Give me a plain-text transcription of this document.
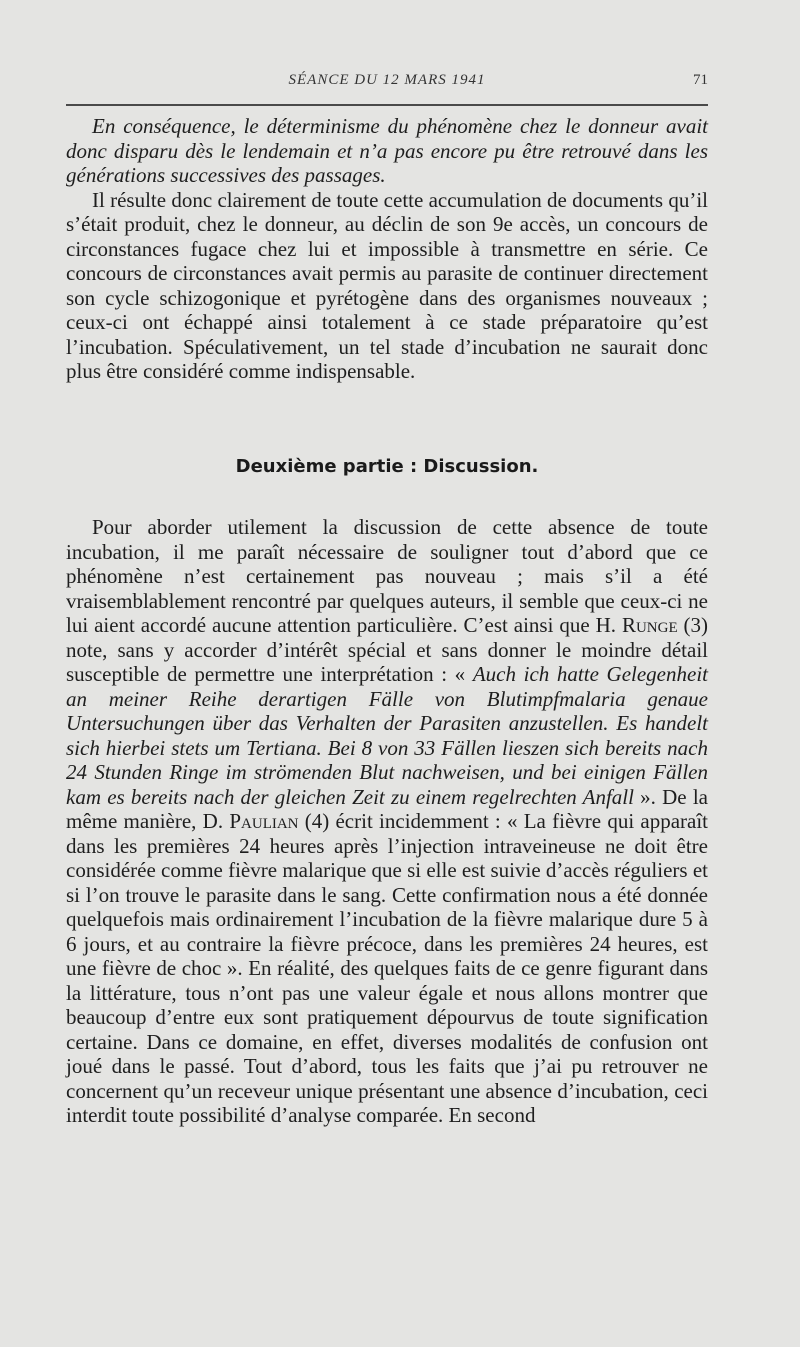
SÉANCE DU 12 MARS 1941	71

En conséquence, le déterminisme du phénomène chez le donneur avait donc disparu dès le lendemain et n’a pas encore pu être retrouvé dans les générations successives des passages.

Il résulte donc clairement de toute cette accumulation de documents qu’il s’était produit, chez le donneur, au déclin de son 9e accès, un concours de circonstances fugace chez lui et impossible à transmettre en série. Ce concours de circonstances avait permis au parasite de continuer directement son cycle schizogonique et pyrétogène dans des organismes nouveaux ; ceux-ci ont échappé ainsi totalement à ce stade préparatoire qu’est l’incubation. Spéculativement, un tel stade d’incubation ne saurait donc plus être considéré comme indispensable.

Deuxième partie : Discussion.

Pour aborder utilement la discussion de cette absence de toute incubation, il me paraît nécessaire de souligner tout d’abord que ce phénomène n’est certainement pas nouveau ; mais s’il a été vraisemblablement rencontré par quelques auteurs, il semble que ceux-ci ne lui aient accordé aucune attention particulière. C’est ainsi que H. Runge (3) note, sans y accorder d’intérêt spécial et sans donner le moindre détail susceptible de permettre une interprétation : « Auch ich hatte Gelegenheit an meiner Reihe derartigen Fälle von Blutimpfmalaria genaue Untersuchungen über das Verhalten der Parasiten anzustellen. Es handelt sich hierbei stets um Tertiana. Bei 8 von 33 Fällen lieszen sich bereits nach 24 Stunden Ringe im strömenden Blut nachweisen, und bei einigen Fällen kam es bereits nach der gleichen Zeit zu einem regelrechten Anfall ». De la même manière, D. Paulian (4) écrit incidemment : « La fièvre qui apparaît dans les premières 24 heures après l’injection intraveineuse ne doit être considérée comme fièvre malarique que si elle est suivie d’accès réguliers et si l’on trouve le parasite dans le sang. Cette confirmation nous a été donnée quelquefois mais ordinairement l’incubation de la fièvre malarique dure 5 à 6 jours, et au contraire la fièvre précoce, dans les premières 24 heures, est une fièvre de choc ». En réalité, des quelques faits de ce genre figurant dans la littérature, tous n’ont pas une valeur égale et nous allons montrer que beaucoup d’entre eux sont pratiquement dépourvus de toute signification certaine. Dans ce domaine, en effet, diverses modalités de confusion ont joué dans le passé. Tout d’abord, tous les faits que j’ai pu retrouver ne concernent qu’un receveur unique présentant une absence d’incubation, ceci interdit toute possibilité d’analyse comparée. En second
